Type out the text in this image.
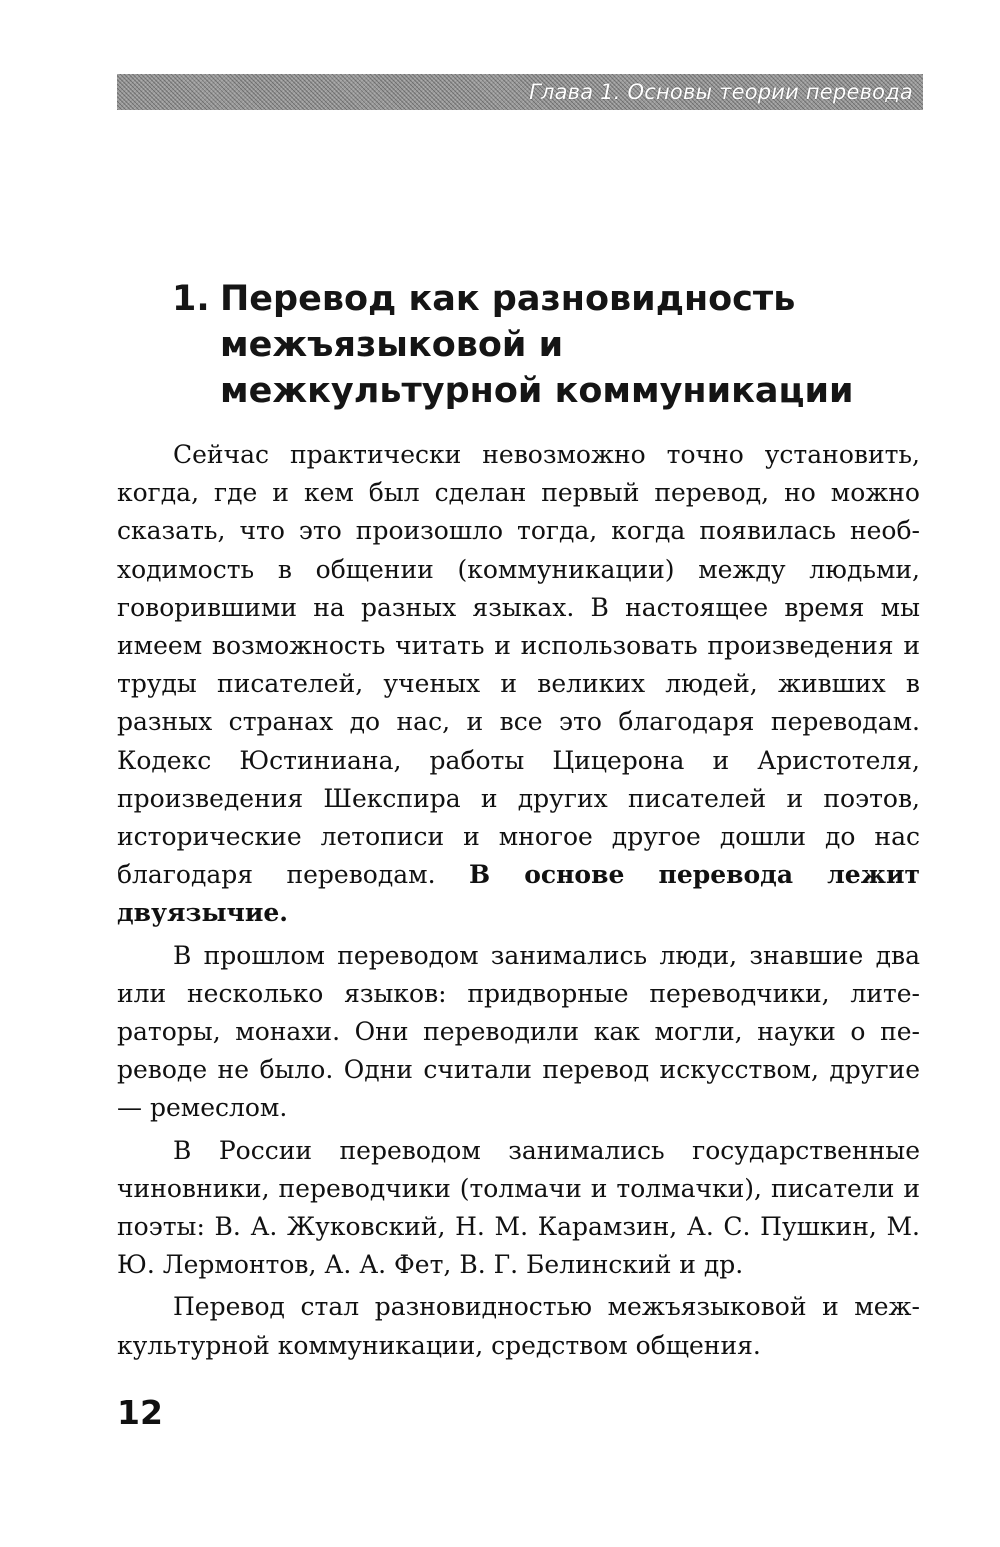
Глава 1. Основы теории перевода
1. Перевод как разновидность межъязыковой и межкультурной коммуникации

Сейчас практически невозможно точно установить, когда, где и кем был сделан первый перевод, но можно сказать, что это произошло тогда, когда появилась необходимость в общении (коммуникации) между людьми, говорившими на разных языках. В настоящее время мы имеем возможность читать и использовать произведения и труды писателей, ученых и великих людей, живших в разных странах до нас, и все это благодаря переводам. Кодекс Юстиниана, работы Цицерона и Аристотеля, произведения Шекспира и других писателей и поэтов, исторические летописи и многое другое дошли до нас благодаря переводам. В основе перевода лежит двуязычие.

В прошлом переводом занимались люди, знавшие два или несколько языков: придворные переводчики, литераторы, монахи. Они переводили как могли, науки о переводе не было. Одни считали перевод искусством, другие — ремеслом.

В России переводом занимались государственные чиновники, переводчики (толмачи и толмачки), писатели и поэты: В. А. Жуковский, Н. М. Карамзин, А. С. Пушкин, М. Ю. Лермонтов, А. А. Фет, В. Г. Белинский и др.

Перевод стал разновидностью межъязыковой и межкультурной коммуникации, средством общения.

12
